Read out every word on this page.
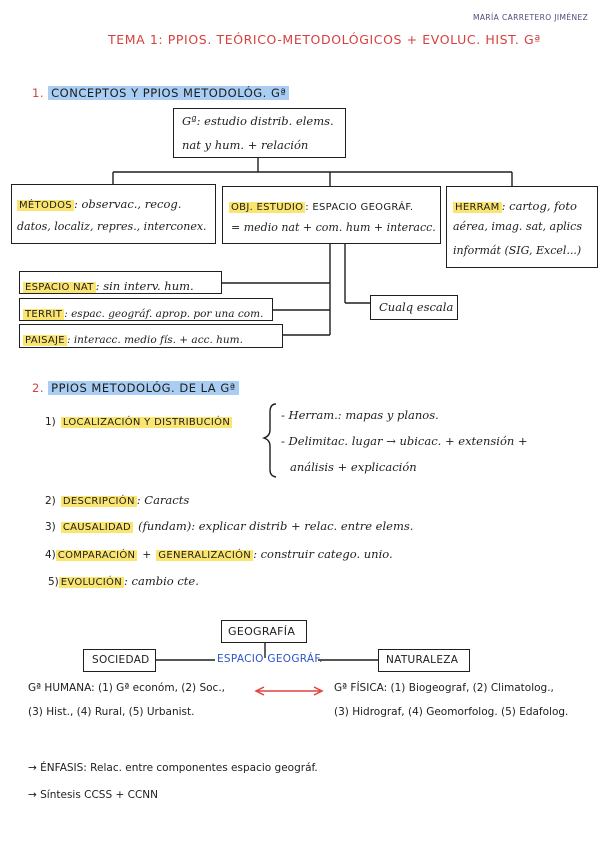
MARÍA CARRETERO JIMÉNEZ
TEMA 1: PPIOS. TEÓRICO-METODOLÓGICOS + EVOLUC. HIST. Gª
1. CONCEPTOS Y PPIOS METODOLÓG. Gª
Gª: estudio distrib. elems.
nat y hum. + relación
MÉTODOS : observac., recog.
datos, localiz, repres., interconex.
OBJ. ESTUDIO : ESPACIO GEOGRÁF.
= medio nat + com. hum + interacc.
HERRAM : cartog, foto
aérea, imag. sat, aplics
informát (SIG, Excel...)
ESPACIO NAT : sin interv. hum.
TERRIT : espac. geográf. aprop. por una com.
PAISAJE : interacc. medio fís. + acc. hum.
Cualq escala
2. PPIOS METODOLÓG. DE LA Gª
1) LOCALIZACIÓN Y DISTRIBUCIÓN
- Herram.: mapas y planos.
- Delimitac. lugar → ubicac. + extensión +
análisis + explicación
2) DESCRIPCIÓN : Caracts
3) CAUSALIDAD (fundam): explicar distrib + relac. entre elems.
4) COMPARACIÓN + GENERALIZACIÓN : construir catego. unio.
5) EVOLUCIÓN : cambio cte.
GEOGRAFÍA
SOCIEDAD	NATURALEZA
ESPACIO GEOGRÁF.
Gª HUMANA: (1) Gª económ, (2) Soc.,
(3) Hist., (4) Rural, (5) Urbanist.
Gª FÍSICA: (1) Biogeograf, (2) Climatolog.,
(3) Hidrograf, (4) Geomorfolog. (5) Edafolog.
→ ÉNFASIS: Relac. entre componentes espacio geográf.
→ Síntesis CCSS + CCNN
